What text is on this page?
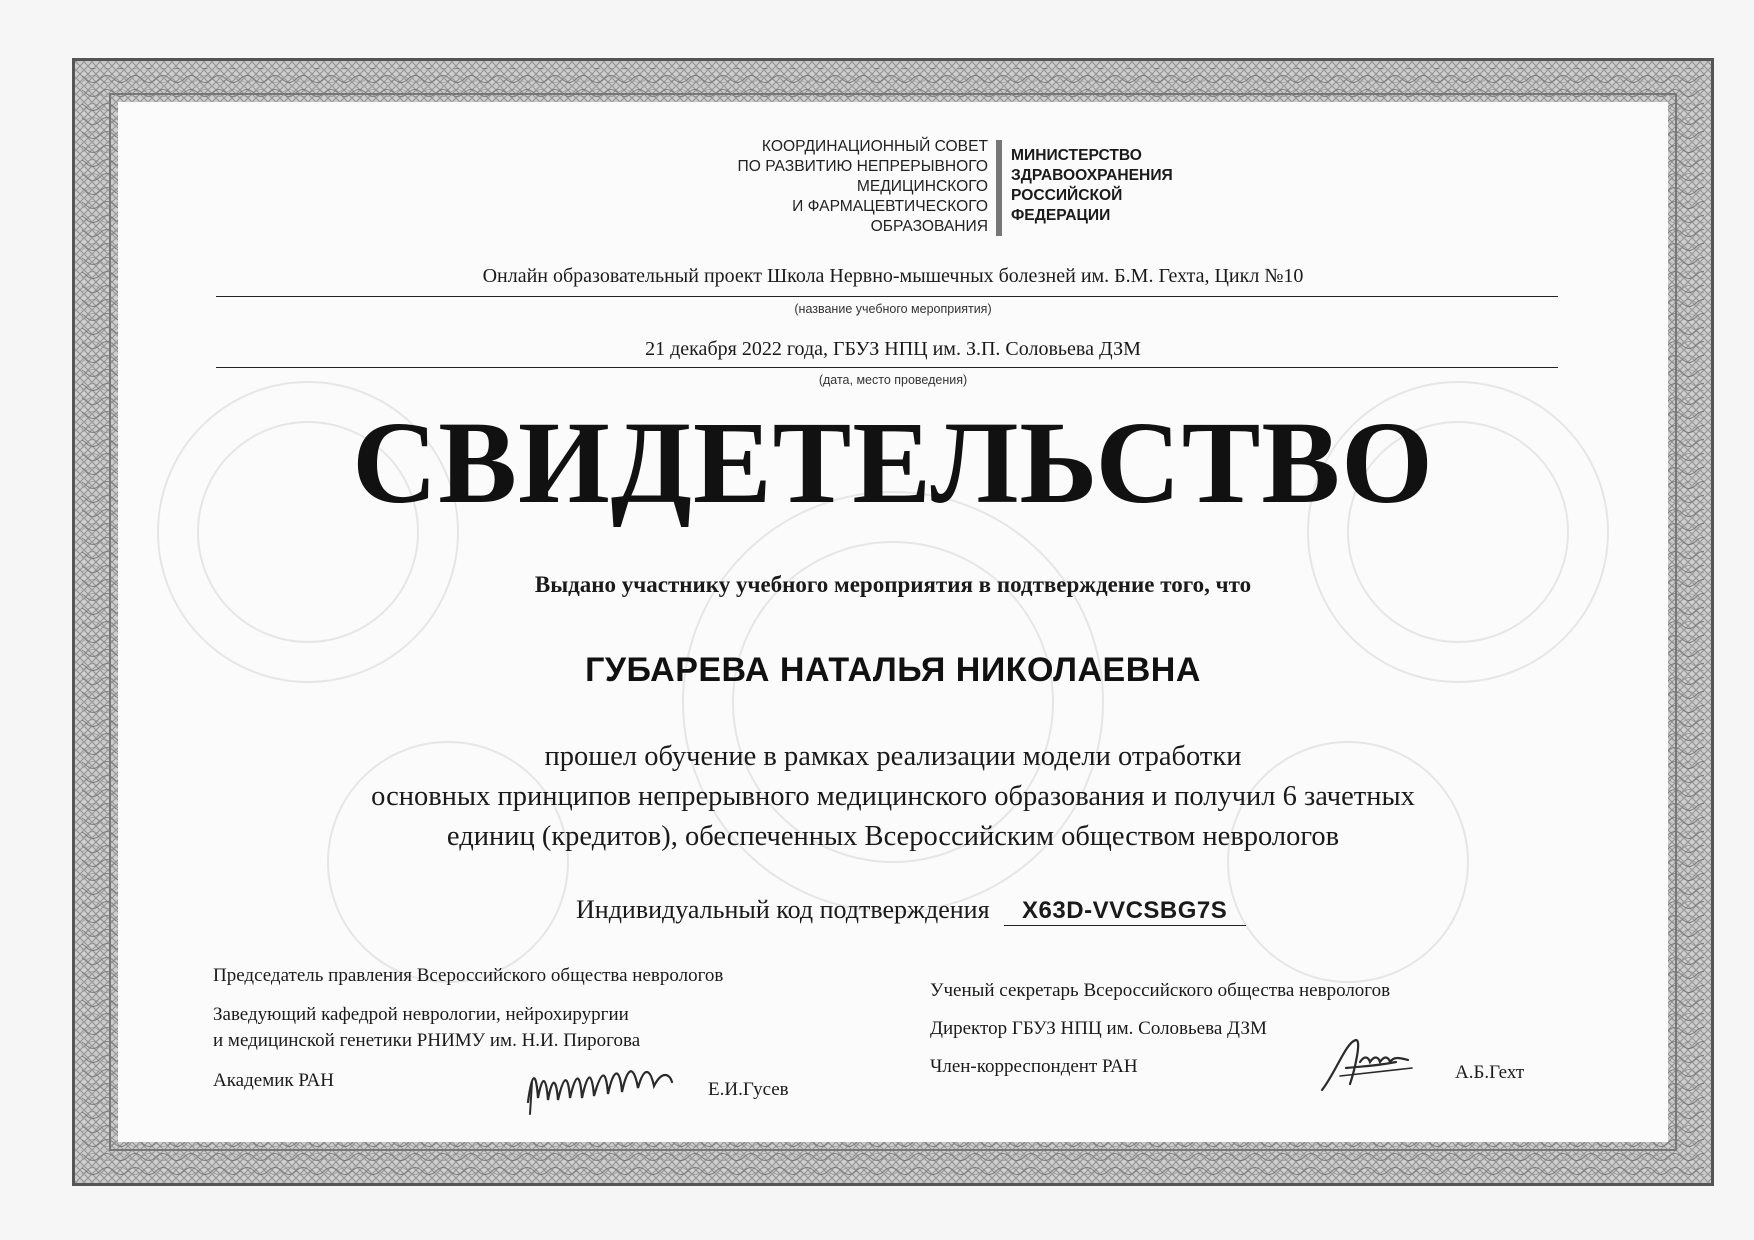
КООРДИНАЦИОННЫЙ СОВЕТ
ПО РАЗВИТИЮ НЕПРЕРЫВНОГО
МЕДИЦИНСКОГО
И ФАРМАЦЕВТИЧЕСКОГО
ОБРАЗОВАНИЯ
МИНИСТЕРСТВО
ЗДРАВООХРАНЕНИЯ
РОССИЙСКОЙ
ФЕДЕРАЦИИ
Онлайн образовательный проект Школа Нервно-мышечных болезней им. Б.М. Гехта, Цикл №10
(название учебного мероприятия)
21 декабря 2022 года, ГБУЗ НПЦ им. З.П. Соловьева ДЗМ
(дата, место проведения)
СВИДЕТЕЛЬСТВО
Выдано участнику учебного мероприятия в подтверждение того, что
ГУБАРЕВА НАТАЛЬЯ НИКОЛАЕВНА
прошел обучение в рамках реализации модели отработки
основных принципов непрерывного медицинского образования и получил 6 зачетных
единиц (кредитов), обеспеченных Всероссийским обществом неврологов
Индивидуальный код подтверждения X63D-VVCSBG7S
Председатель правления Всероссийского общества неврологов
Заведующий кафедрой неврологии, нейрохирургии
и медицинской генетики РНИМУ им. Н.И. Пирогова
Академик РАН	Е.И.Гусев
Ученый секретарь Всероссийского общества неврологов
Директор ГБУЗ НПЦ им. Соловьева ДЗМ
Член-корреспондент РАН	А.Б.Гехт
